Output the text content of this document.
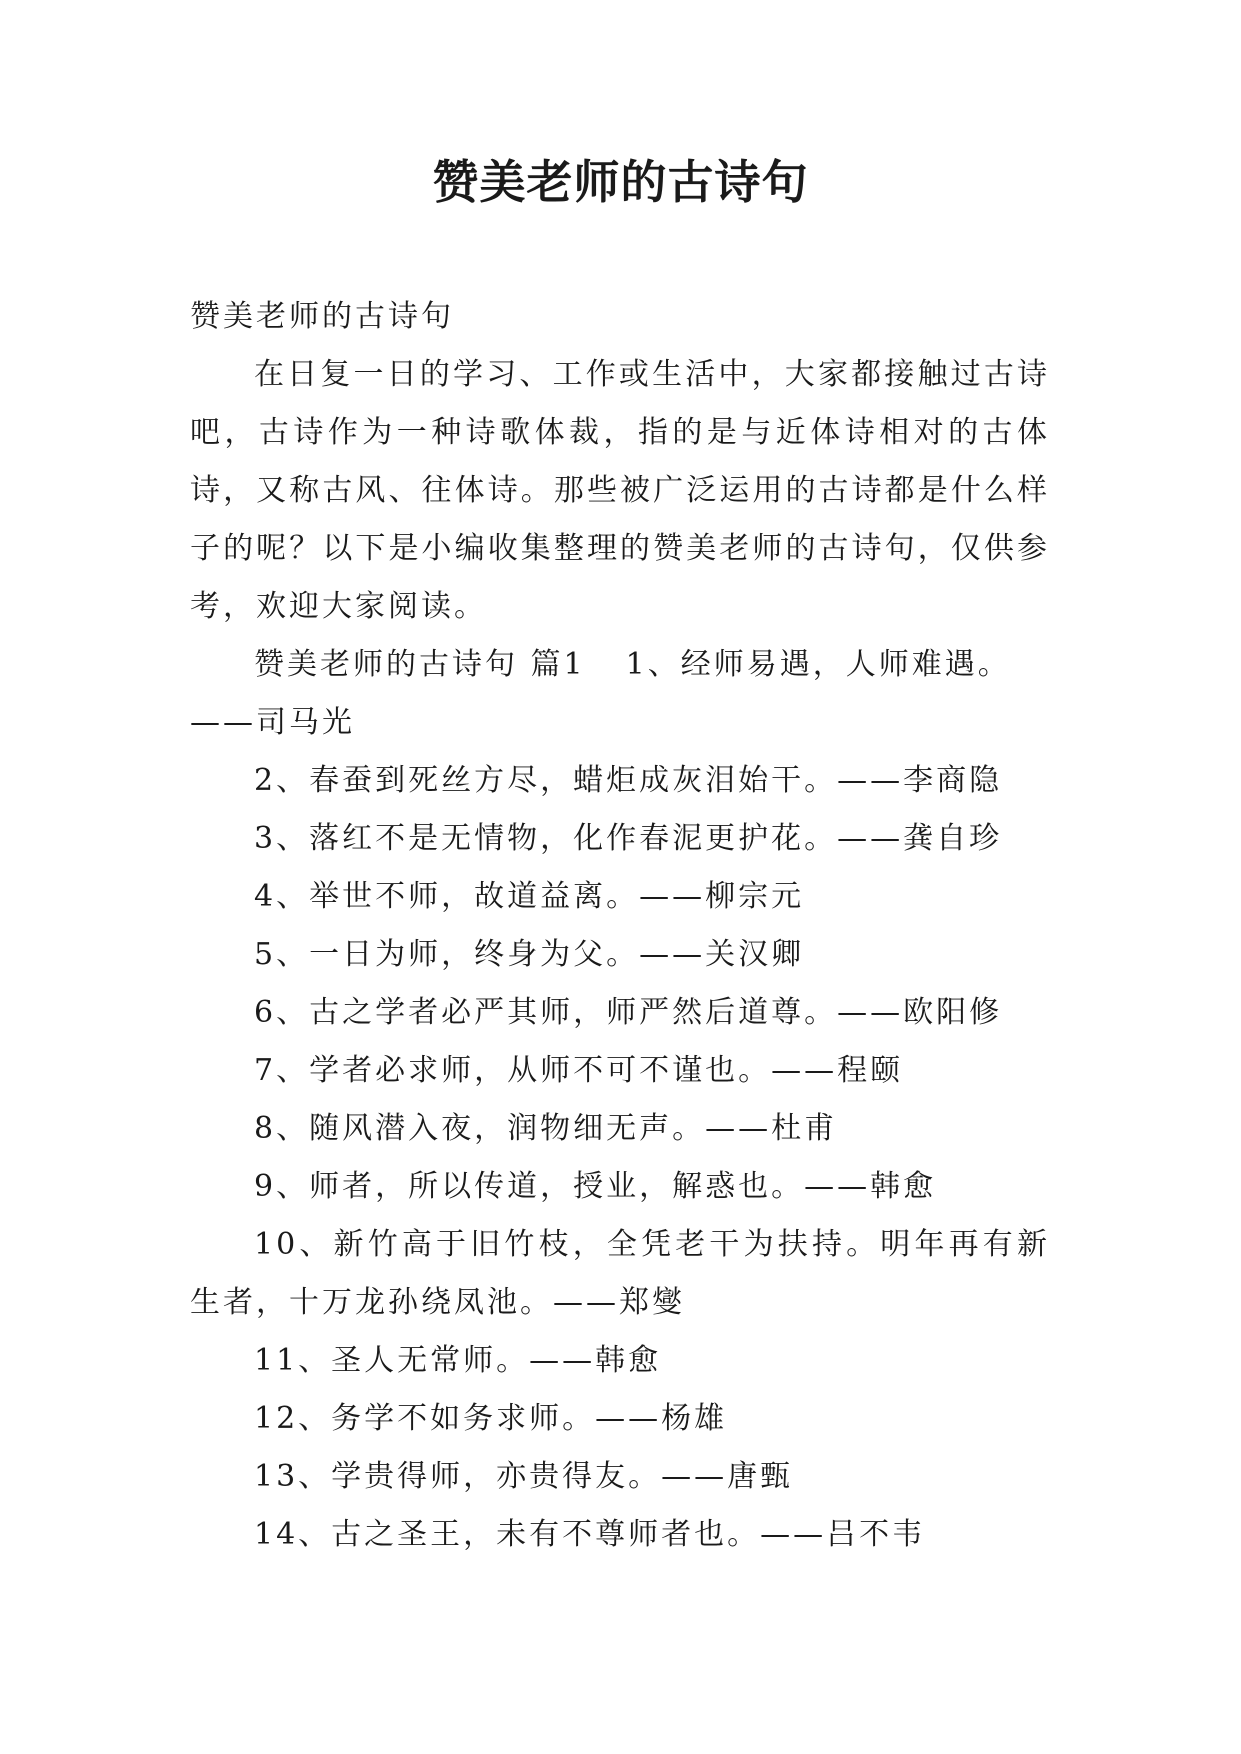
赞美老师的古诗句

赞美老师的古诗句

在日复一日的学习、工作或生活中，大家都接触过古诗吧，古诗作为一种诗歌体裁，指的是与近体诗相对的古体诗，又称古风、往体诗。那些被广泛运用的古诗都是什么样子的呢？以下是小编收集整理的赞美老师的古诗句，仅供参考，欢迎大家阅读。

赞美老师的古诗句 篇1 1、经师易遇，人师难遇。——司马光

2、春蚕到死丝方尽，蜡炬成灰泪始干。——李商隐

3、落红不是无情物，化作春泥更护花。——龚自珍

4、举世不师，故道益离。——柳宗元

5、一日为师，终身为父。——关汉卿

6、古之学者必严其师，师严然后道尊。——欧阳修

7、学者必求师，从师不可不谨也。——程颐

8、随风潜入夜，润物细无声。——杜甫

9、师者，所以传道，授业，解惑也。——韩愈

10、新竹高于旧竹枝，全凭老干为扶持。明年再有新生者，十万龙孙绕凤池。——郑燮

11、圣人无常师。——韩愈

12、务学不如务求师。——杨雄

13、学贵得师，亦贵得友。——唐甄

14、古之圣王，未有不尊师者也。——吕不韦
